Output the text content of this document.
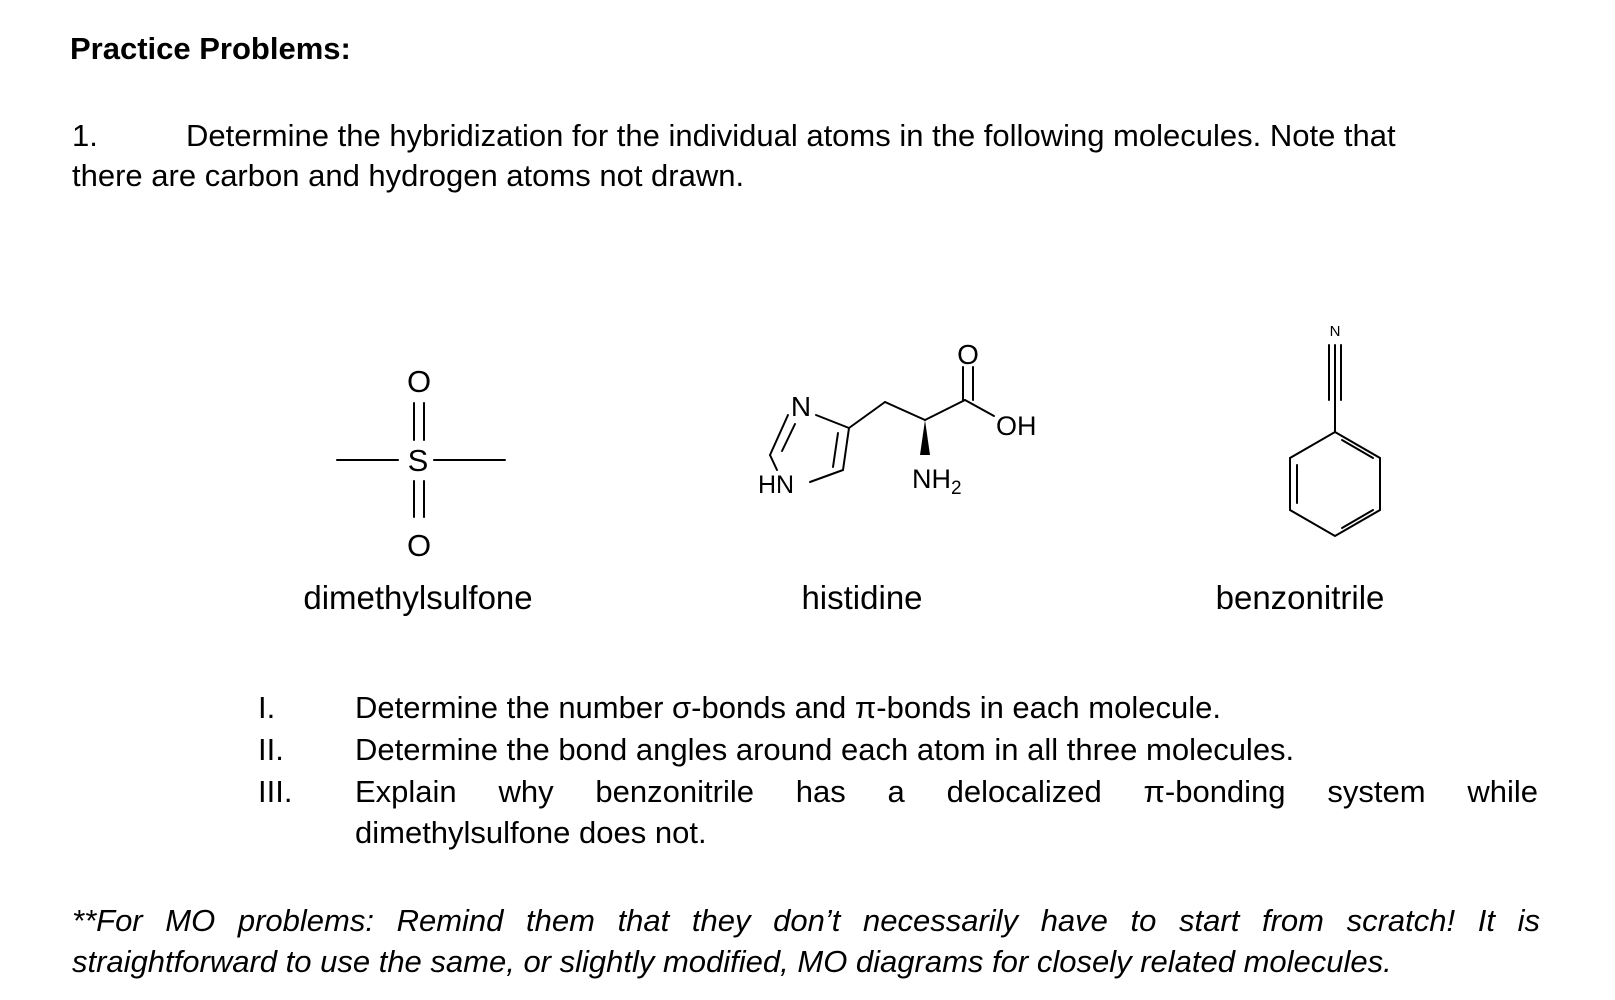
Practice Problems:
1.	Determine the hybridization for the individual atoms in the following molecules. Note that
there are carbon and hydrogen atoms not drawn.
O
S
O
N
HN	$NH_2$
O
OH
N
dimethylsulfone	histidine	benzonitrile
I.	Determine the number σ-bonds and π-bonds in each molecule.
II. Determine the bond angles around each atom in all three molecules.
III. Explain why benzonitrile has a delocalized π-bonding system while
dimethylsulfone does not.
**For MO problems: Remind them that they don’t necessarily have to start from scratch! It is
straightforward to use the same, or slightly modified, MO diagrams for closely related molecules.
